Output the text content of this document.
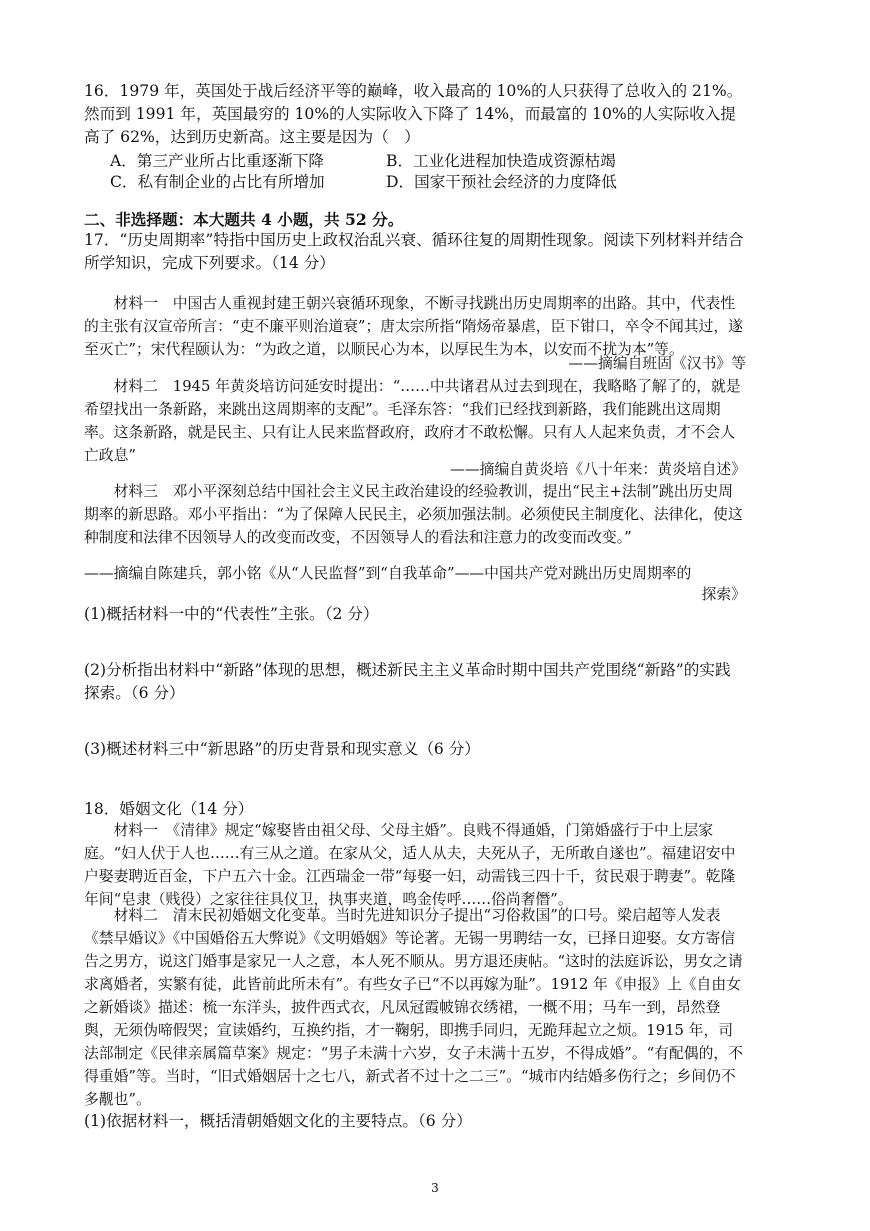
16．1979 年，英国处于战后经济平等的巅峰，收入最高的 10%的人只获得了总收入的 21%。然而到 1991 年，英国最穷的 10%的人实际收入下降了 14%，而最富的 10%的人实际收入提高了 62%，达到历史新高。这主要是因为（　）

A．第三产业所占比重逐渐下降	B．工业化进程加快造成资源枯竭

C．私有制企业的占比有所增加	D．国家干预社会经济的力度降低

二、非选择题：本大题共 4 小题，共 52 分。

17．“历史周期率”特指中国历史上政权治乱兴衰、循环往复的周期性现象。阅读下列材料并结合所学知识，完成下列要求。（14 分）

材料一　中国古人重视封建王朝兴衰循环现象，不断寻找跳出历史周期率的出路。其中，代表性的主张有汉宣帝所言：“吏不廉平则治道衰”；唐太宗所指“隋炀帝暴虐，臣下钳口，卒令不闻其过，遂至灭亡”；宋代程颐认为：“为政之道，以顺民心为本，以厚民生为本，以安而不扰为本”等。

——摘编自班固《汉书》等

材料二　1945 年黄炎培访问延安时提出：“……中共诸君从过去到现在，我略略了解了的，就是希望找出一条新路，来跳出这周期率的支配”。毛泽东答：“我们已经找到新路，我们能跳出这周期率。这条新路，就是民主、只有让人民来监督政府，政府才不敢松懈。只有人人起来负责，才不会人亡政息”

——摘编自黄炎培《八十年来：黄炎培自述》

材料三　邓小平深刻总结中国社会主义民主政治建设的经验教训，提出“民主+法制”跳出历史周期率的新思路。邓小平指出：“为了保障人民民主，必须加强法制。必须使民主制度化、法律化，使这种制度和法律不因领导人的改变而改变，不因领导人的看法和注意力的改变而改变。”

——摘编自陈建兵，郭小铭《从“人民监督”到“自我革命”——中国共产党对跳出历史周期率的

探索》

(1)概括材料一中的“代表性”主张。（2 分）

(2)分析指出材料中“新路”体现的思想，概述新民主主义革命时期中国共产党围绕“新路”的实践探索。（6 分）

(3)概述材料三中“新思路”的历史背景和现实意义（6 分）

18．婚姻文化（14 分）

材料一　《清律》规定“嫁娶皆由祖父母、父母主婚”。良贱不得通婚，门第婚盛行于中上层家庭。“妇人伏于人也……有三从之道。在家从父，适人从夫，夫死从子，无所敢自遂也”。福建诏安中户娶妻聘近百金，下户五六十金。江西瑞金一带“每娶一妇，动需钱三四十千，贫民艰于聘妻”。乾隆年间“皂隶（贱役）之家往往具仪卫，执事夹道，鸣金传呼……俗尚奢僭”。

材料二　清末民初婚姻文化变革。当时先进知识分子提出“习俗救国”的口号。梁启超等人发表《禁早婚议》《中国婚俗五大弊说》《文明婚姻》等论著。无锡一男聘结一女，已择日迎娶。女方寄信告之男方，说这门婚事是家兄一人之意，本人死不顺从。男方退还庚帖。“这时的法庭诉讼，男女之请求离婚者，实繁有徒，此皆前此所未有”。有些女子已“不以再嫁为耻”。1912 年《申报》上《自由女之新婚谈》描述：梳一东洋头，披件西式衣，凡凤冠霞帔锦衣绣裙，一概不用；马车一到，昂然登舆，无须伪啼假哭；宣读婚约，互换约指，才一鞠躬，即携手同归，无跪拜起立之烦。1915 年，司法部制定《民律亲属篇草案》规定：“男子未满十六岁，女子未满十五岁，不得成婚”。“有配偶的，不得重婚”等。当时，“旧式婚姻居十之七八，新式者不过十之二三”。“城市内结婚多伤行之；乡间仍不多觏也”。

(1)依据材料一，概括清朝婚姻文化的主要特点。（6 分）

3
